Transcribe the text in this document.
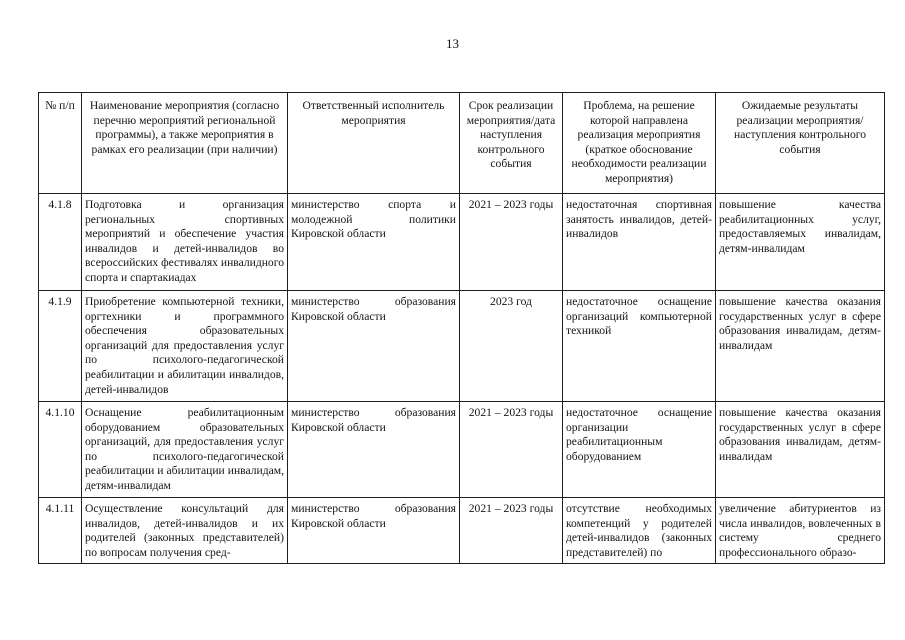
13
№ п/п	Наименование мероприятия (согласно перечню мероприятий региональной программы), а также мероприятия в рамках его реализации (при наличии)	Ответственный исполнитель мероприятия	Срок реализации мероприятия/дата наступления контрольного события	Проблема, на решение которой направлена реализация мероприятия (краткое обоснование необходимости реализации мероприятия)	Ожидаемые результаты реализации мероприятия/наступления контрольного события
4.1.8	Подготовка и организация региональных спортивных мероприятий и обеспечение участия инвалидов и детей-инвалидов во всероссийских фестивалях инвалидного спорта и спартакиадах	министерство спорта и молодежной политики Кировской области	2021 – 2023 годы	недостаточная спортивная занятость инвалидов, детей-инвалидов	повышение качества реабилитационных услуг, предоставляемых инвалидам, детям-инвалидам
4.1.9	Приобретение компьютерной техники, оргтехники и программного обеспечения образовательных организаций для предоставления услуг по психолого-педагогической реабилитации и абилитации инвалидов, детей-инвалидов	министерство образования Кировской области	2023 год	недостаточное оснащение организаций компьютерной техникой	повышение качества оказания государственных услуг в сфере образования инвалидам, детям-инвалидам
4.1.10	Оснащение реабилитационным оборудованием образовательных организаций, для предоставления услуг по психолого-педагогической реабилитации и абилитации инвалидам, детям-инвалидам	министерство образования Кировской области	2021 – 2023 годы	недостаточное оснащение организации реабилитационным оборудованием	повышение качества оказания государственных услуг в сфере образования инвалидам, детям-инвалидам
4.1.11	Осуществление консультаций для инвалидов, детей-инвалидов и их родителей (законных представителей) по вопросам получения сред-	министерство образования Кировской области	2021 – 2023 годы	отсутствие необходимых компетенций у родителей детей-инвалидов (законных представителей) по	увеличение абитуриентов из числа инвалидов, вовлеченных в систему среднего профессионального образо-
